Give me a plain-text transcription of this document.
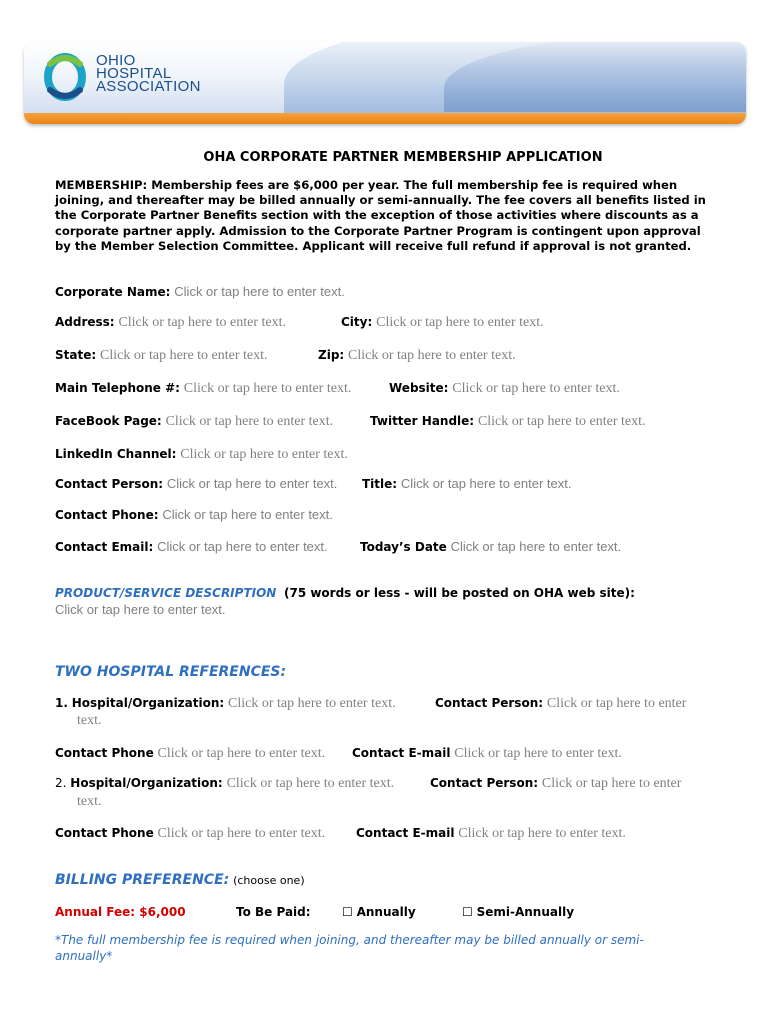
OHIO
HOSPITAL
ASSOCIATION
OHA CORPORATE PARTNER MEMBERSHIP APPLICATION
MEMBERSHIP: Membership fees are $6,000 per year. The full membership fee is required when joining, and thereafter may be billed annually or semi-annually. The fee covers all benefits listed in the Corporate Partner Benefits section with the exception of those activities where discounts as a corporate partner apply. Admission to the Corporate Partner Program is contingent upon approval by the Member Selection Committee. Applicant will receive full refund if approval is not granted.
Corporate Name: Click or tap here to enter text.
Address: Click or tap here to enter text.	City: Click or tap here to enter text.
State: Click or tap here to enter text.	Zip: Click or tap here to enter text.
Main Telephone #: Click or tap here to enter text.	Website: Click or tap here to enter text.
FaceBook Page: Click or tap here to enter text.	Twitter Handle: Click or tap here to enter text.
LinkedIn Channel: Click or tap here to enter text.
Contact Person: Click or tap here to enter text. Title: Click or tap here to enter text.
Contact Phone: Click or tap here to enter text.
Contact Email: Click or tap here to enter text.	Today’s Date Click or tap here to enter text.
PRODUCT/SERVICE DESCRIPTION (75 words or less - will be posted on OHA web site):
Click or tap here to enter text.
TWO HOSPITAL REFERENCES:
1. Hospital/Organization: Click or tap here to enter text.	Contact Person: Click or tap here to enter
text.
Contact Phone Click or tap here to enter text. Contact E-mail Click or tap here to enter text.
2. Hospital/Organization: Click or tap here to enter text.	Contact Person: Click or tap here to enter
text.
Contact Phone Click or tap here to enter text.	Contact E-mail Click or tap here to enter text.
BILLING PREFERENCE: (choose one)
Annual Fee: $6,000	To Be Paid:	☐ Annually	☐ Semi-Annually
*The full membership fee is required when joining, and thereafter may be billed annually or semi-annually*
